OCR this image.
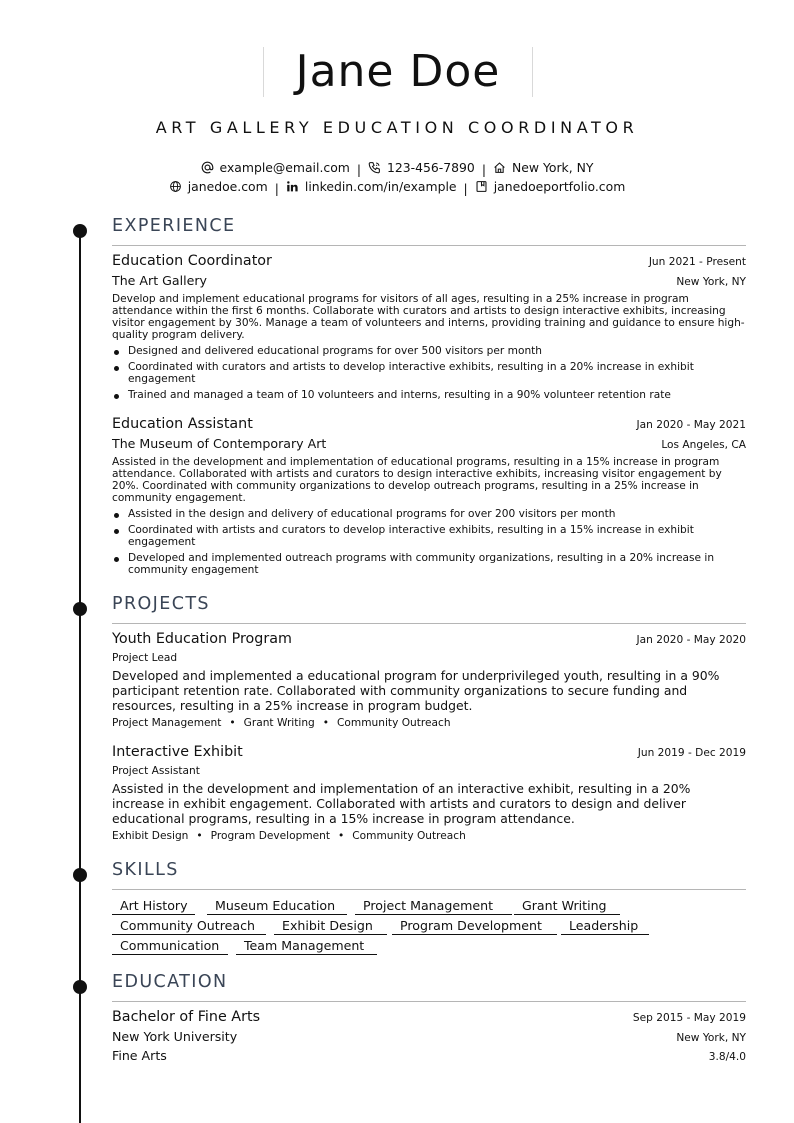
Jane Doe
ART GALLERY EDUCATION COORDINATOR
example@email.com | 123-456-7890 | New York, NY
janedoe.com | linkedin.com/in/example | janedoeportfolio.com
EXPERIENCE
Education Coordinator	Jun 2021 - Present
The Art Gallery	New York, NY
Develop and implement educational programs for visitors of all ages, resulting in a 25% increase in program attendance within the first 6 months. Collaborate with curators and artists to design interactive exhibits, increasing visitor engagement by 30%. Manage a team of volunteers and interns, providing training and guidance to ensure high-quality program delivery.
Designed and delivered educational programs for over 500 visitors per month
Coordinated with curators and artists to develop interactive exhibits, resulting in a 20% increase in exhibit engagement
Trained and managed a team of 10 volunteers and interns, resulting in a 90% volunteer retention rate
Education Assistant	Jan 2020 - May 2021
The Museum of Contemporary Art	Los Angeles, CA
Assisted in the development and implementation of educational programs, resulting in a 15% increase in program attendance. Collaborated with artists and curators to design interactive exhibits, increasing visitor engagement by 20%. Coordinated with community organizations to develop outreach programs, resulting in a 25% increase in community engagement.
Assisted in the design and delivery of educational programs for over 200 visitors per month
Coordinated with artists and curators to develop interactive exhibits, resulting in a 15% increase in exhibit engagement
Developed and implemented outreach programs with community organizations, resulting in a 20% increase in community engagement
PROJECTS
Youth Education Program	Jan 2020 - May 2020
Project Lead
Developed and implemented a educational program for underprivileged youth, resulting in a 90% participant retention rate. Collaborated with community organizations to secure funding and resources, resulting in a 25% increase in program budget.
Project Management • Grant Writing • Community Outreach
Interactive Exhibit	Jun 2019 - Dec 2019
Project Assistant
Assisted in the development and implementation of an interactive exhibit, resulting in a 20% increase in exhibit engagement. Collaborated with artists and curators to design and deliver educational programs, resulting in a 15% increase in program attendance.
Exhibit Design • Program Development • Community Outreach
SKILLS
Art History	Museum Education	Project Management	Grant Writing
Community Outreach	Exhibit Design	Program Development	Leadership
Communication	Team Management
EDUCATION
Bachelor of Fine Arts	Sep 2015 - May 2019
New York University	New York, NY
Fine Arts	3.8/4.0
